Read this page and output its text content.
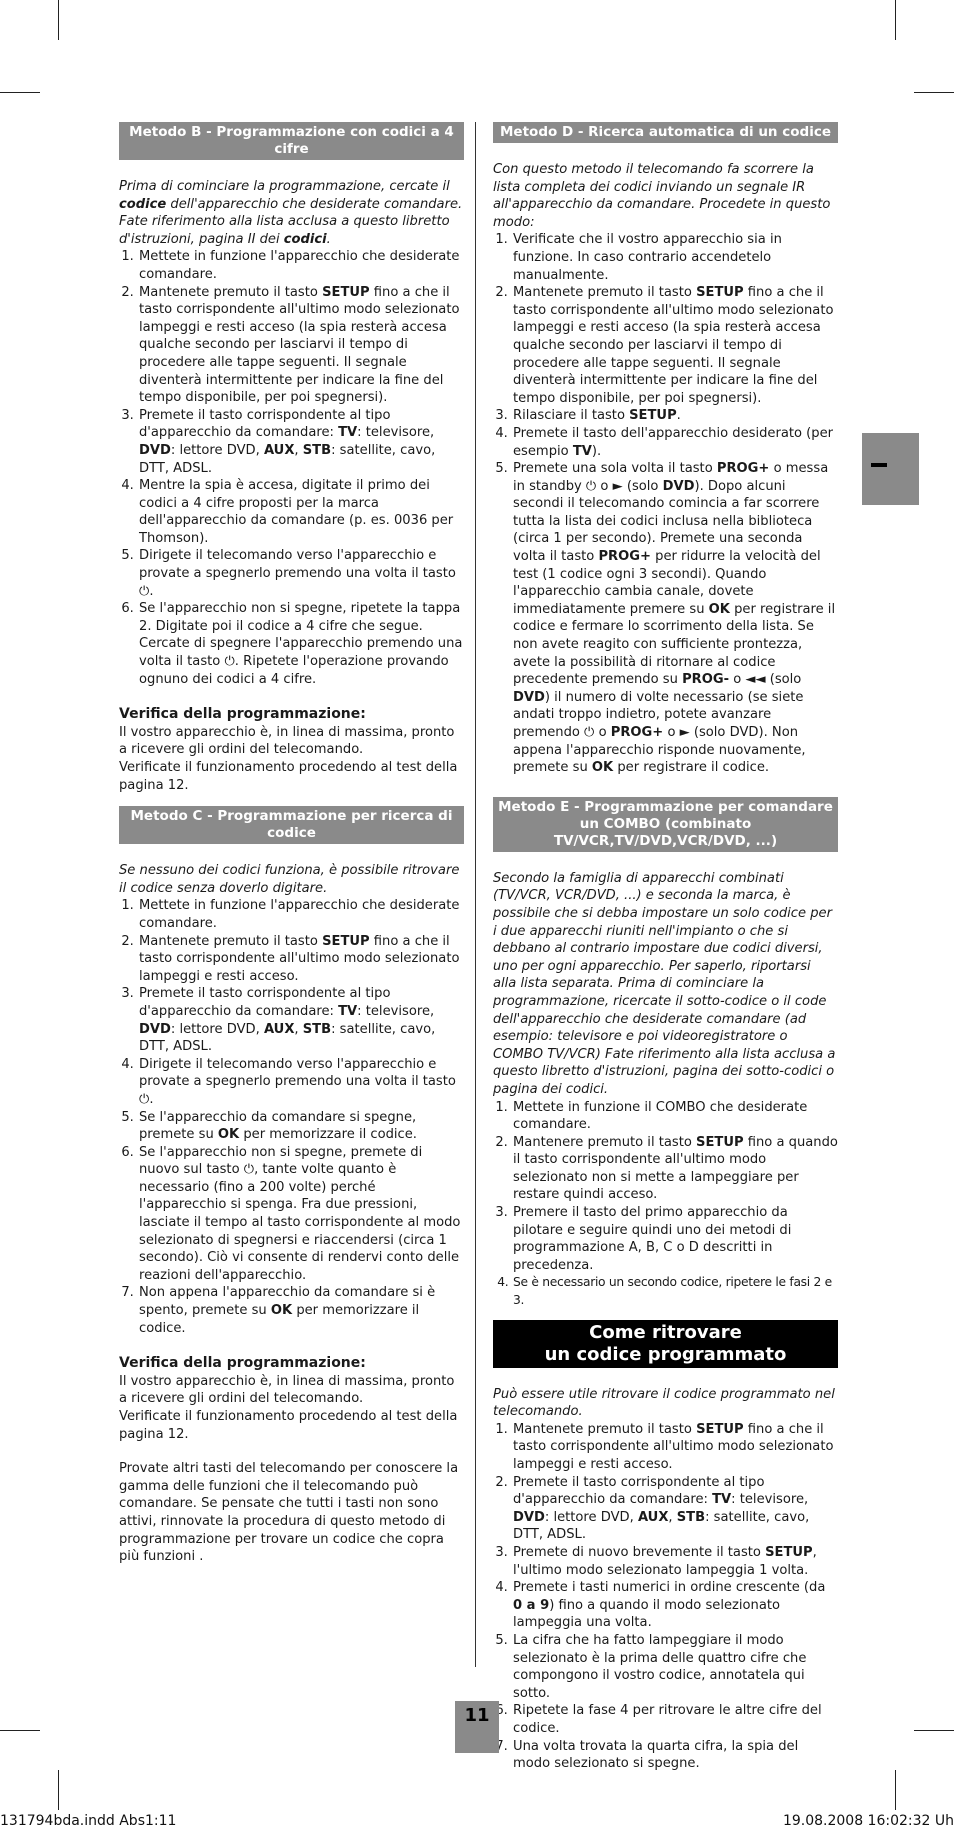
Metodo B - Programmazione con codici a 4 cifre

Prima di cominciare la programmazione, cercate il codice dell'apparecchio che desiderate comandare. Fate riferimento alla lista acclusa a questo libretto d'istruzioni, pagina II dei codici.

1. Mettete in funzione l'apparecchio che desiderate comandare.
2. Mantenete premuto il tasto SETUP fino a che il tasto corrispondente all'ultimo modo selezionato lampeggi e resti acceso (la spia resterà accesa qualche secondo per lasciarvi il tempo di procedere alle tappe seguenti. Il segnale diventerà intermittente per indicare la fine del tempo disponibile, per poi spegnersi).
3. Premete il tasto corrispondente al tipo d'apparecchio da comandare: TV: televisore, DVD: lettore DVD, AUX, STB: satellite, cavo, DTT, ADSL.
4. Mentre la spia è accesa, digitate il primo dei codici a 4 cifre proposti per la marca dell'apparecchio da comandare (p. es. 0036 per Thomson).
5. Dirigete il telecomando verso l'apparecchio e provate a spegnerlo premendo una volta il tasto ⏻.
6. Se l'apparecchio non si spegne, ripetete la tappa 2. Digitate poi il codice a 4 cifre che segue. Cercate di spegnere l'apparecchio premendo una volta il tasto ⏻. Ripetete l'operazione provando ognuno dei codici a 4 cifre.
Verifica della programmazione:

Il vostro apparecchio è, in linea di massima, pronto a ricevere gli ordini del telecomando.

Verificate il funzionamento procedendo al test della pagina 12.

Metodo C - Programmazione per ricerca di codice

Se nessuno dei codici funziona, è possibile ritrovare il codice senza doverlo digitare.

1. Mettete in funzione l'apparecchio che desiderate comandare.
2. Mantenete premuto il tasto SETUP fino a che il tasto corrispondente all'ultimo modo selezionato lampeggi e resti acceso.
3. Premete il tasto corrispondente al tipo d'apparecchio da comandare: TV: televisore, DVD: lettore DVD, AUX, STB: satellite, cavo, DTT, ADSL.
4. Dirigete il telecomando verso l'apparecchio e provate a spegnerlo premendo una volta il tasto ⏻.
5. Se l'apparecchio da comandare si spegne, premete su OK per memorizzare il codice.
6. Se l'apparecchio non si spegne, premete di nuovo sul tasto ⏻, tante volte quanto è necessario (fino a 200 volte) perché l'apparecchio si spenga. Fra due pressioni, lasciate il tempo al tasto corrispondente al modo selezionato di spegnersi e riaccendersi (circa 1 secondo). Ciò vi consente di rendervi conto delle reazioni dell'apparecchio.
7. Non appena l'apparecchio da comandare si è spento, premete su OK per memorizzare il codice.
Verifica della programmazione:

Il vostro apparecchio è, in linea di massima, pronto a ricevere gli ordini del telecomando.

Verificate il funzionamento procedendo al test della pagina 12.

Provate altri tasti del telecomando per conoscere la gamma delle funzioni che il telecomando può comandare. Se pensate che tutti i tasti non sono attivi, rinnovate la procedura di questo metodo di programmazione per trovare un codice che copra più funzioni .

Metodo D - Ricerca automatica di un codice

Con questo metodo il telecomando fa scorrere la lista completa dei codici inviando un segnale IR all'apparecchio da comandare. Procedete in questo modo:

1. Verificate che il vostro apparecchio sia in funzione. In caso contrario accendetelo manualmente.
2. Mantenete premuto il tasto SETUP fino a che il tasto corrispondente all'ultimo modo selezionato lampeggi e resti acceso (la spia resterà accesa qualche secondo per lasciarvi il tempo di procedere alle tappe seguenti. Il segnale diventerà intermittente per indicare la fine del tempo disponibile, per poi spegnersi).
3. Rilasciare il tasto SETUP.
4. Premete il tasto dell'apparecchio desiderato (per esempio TV).
5. Premete una sola volta il tasto PROG+ o messa in standby ⏻ o ► (solo DVD). Dopo alcuni secondi il telecomando comincia a far scorrere tutta la lista dei codici inclusa nella biblioteca (circa 1 per secondo). Premete una seconda volta il tasto PROG+ per ridurre la velocità del test (1 codice ogni 3 secondi). Quando l'apparecchio cambia canale, dovete immediatamente premere su OK per registrare il codice e fermare lo scorrimento della lista. Se non avete reagito con sufficiente prontezza, avete la possibilità di ritornare al codice precedente premendo su PROG- o ◄◄ (solo DVD) il numero di volte necessario (se siete andati troppo indietro, potete avanzare premendo ⏻ o PROG+ o ► (solo DVD). Non appena l'apparecchio risponde nuovamente, premete su OK per registrare il codice.
Metodo E - Programmazione per comandare un COMBO (combinato TV/VCR,TV/DVD,VCR/DVD, ...)

Secondo la famiglia di apparecchi combinati (TV/VCR, VCR/DVD, ...) e seconda la marca, è possibile che si debba impostare un solo codice per i due apparecchi riuniti nell'impianto o che si debbano al contrario impostare due codici diversi, uno per ogni apparecchio. Per saperlo, riportarsi alla lista separata. Prima di cominciare la programmazione, ricercate il sotto-codice o il code dell'apparecchio che desiderate comandare (ad esempio: televisore e poi videoregistratore o COMBO TV/VCR) Fate riferimento alla lista acclusa a questo libretto d'istruzioni, pagina dei sotto-codici o pagina dei codici.

1. Mettete in funzione il COMBO che desiderate comandare.
2. Mantenere premuto il tasto SETUP fino a quando il tasto corrispondente all'ultimo modo selezionato non si mette a lampeggiare per restare quindi acceso.
3. Premere il tasto del primo apparecchio da pilotare e seguire quindi uno dei metodi di programmazione A, B, C o D descritti in precedenza.
4. Se è necessario un secondo codice, ripetere le fasi 2 e 3.
Come ritrovare
un codice programmato

Può essere utile ritrovare il codice programmato nel telecomando.

1. Mantenete premuto il tasto SETUP fino a che il tasto corrispondente all'ultimo modo selezionato lampeggi e resti acceso.
2. Premete il tasto corrispondente al tipo d'apparecchio da comandare: TV: televisore, DVD: lettore DVD, AUX, STB: satellite, cavo, DTT, ADSL.
3. Premete di nuovo brevemente il tasto SETUP, l'ultimo modo selezionato lampeggia 1 volta.
4. Premete i tasti numerici in ordine crescente (da 0 a 9) fino a quando il modo selezionato lampeggia una volta.
5. La cifra che ha fatto lampeggiare il modo selezionato è la prima delle quattro cifre che compongono il vostro codice, annotatela qui sotto.
6. Ripetete la fase 4 per ritrovare le altre cifre del codice.
7. Una volta trovata la quarta cifra, la spia del modo selezionato si spegne.
11
131794bda.indd Abs1:11	19.08.2008 16:02:32 Uh
